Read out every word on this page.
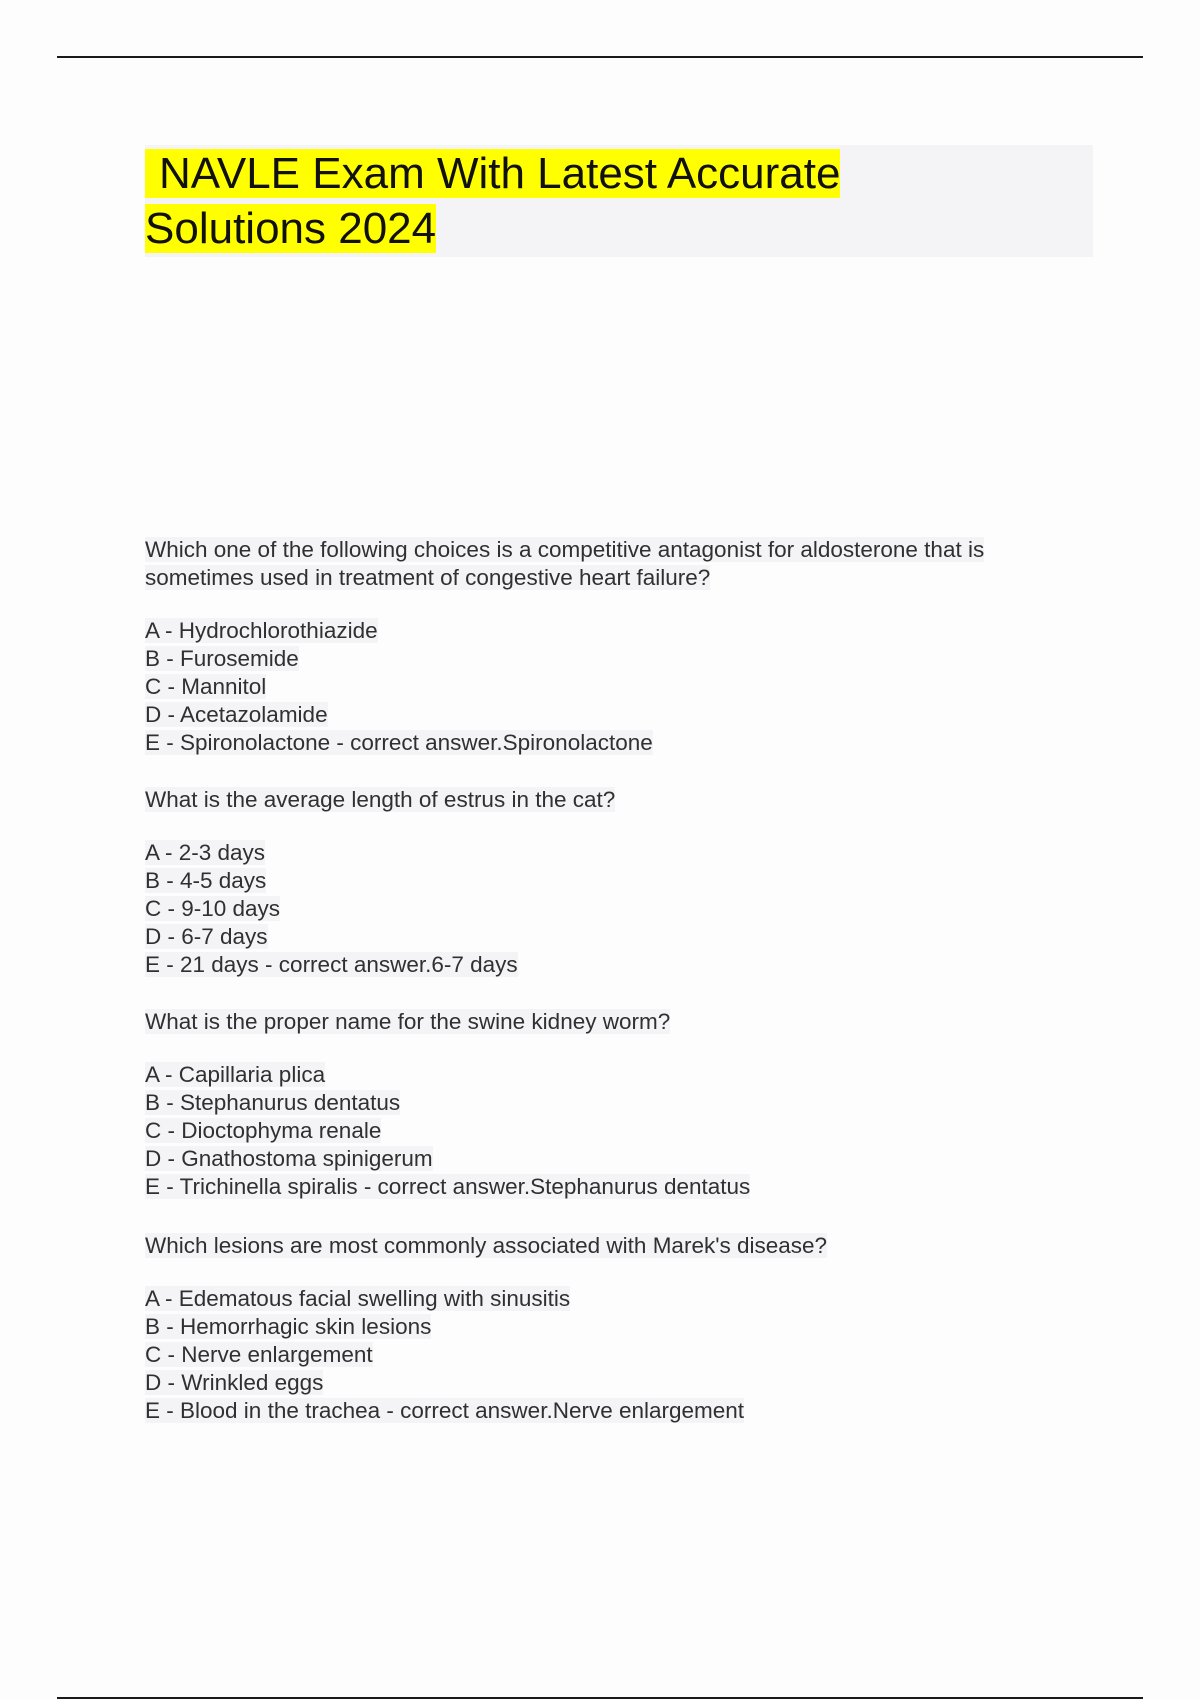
NAVLE Exam With Latest Accurate
Solutions 2024
Which one of the following choices is a competitive antagonist for aldosterone that is sometimes used in treatment of congestive heart failure?
A - Hydrochlorothiazide
B - Furosemide
C - Mannitol
D - Acetazolamide
E - Spironolactone - correct answer.Spironolactone
What is the average length of estrus in the cat?
A - 2-3 days
B - 4-5 days
C - 9-10 days
D - 6-7 days
E - 21 days - correct answer.6-7 days
What is the proper name for the swine kidney worm?
A - Capillaria plica
B - Stephanurus dentatus
C - Dioctophyma renale
D - Gnathostoma spinigerum
E - Trichinella spiralis - correct answer.Stephanurus dentatus
Which lesions are most commonly associated with Marek's disease?
A - Edematous facial swelling with sinusitis
B - Hemorrhagic skin lesions
C - Nerve enlargement
D - Wrinkled eggs
E - Blood in the trachea - correct answer.Nerve enlargement
